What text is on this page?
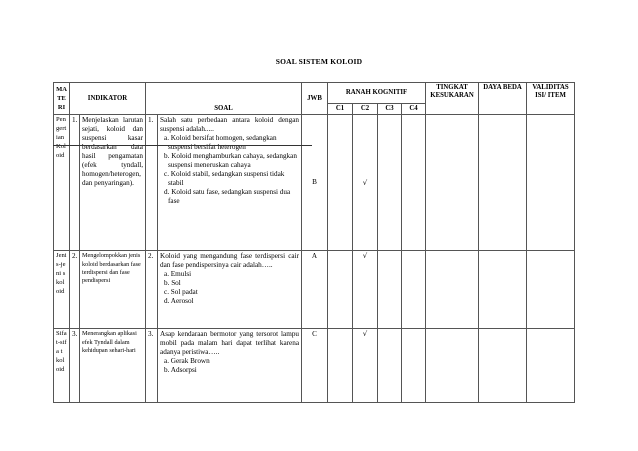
SOAL SISTEM KOLOID
MA TE RI	INDIKATOR		SOAL		JWB	RANAH KOGNITIF				TINGKAT KESUKARAN	DAYA BEDA	VALIDITAS ISI/ ITEM
						C1	C2	C3	C4			
Pen gert ian Kol oid	1.	Menjelaskan larutan sejati, koloid dan suspensi kasar berdasarkan data hasil pengamatan (efek tyndall, homogen/heterogen, dan penyaringan).	1.	Salah satu perbedaan antara koloid dengan suspensi adalah.....
a. Koloid bersifat homogen, sedangkan suspensi bersifat heterogen
b. Koloid menghamburkan cahaya, sedangkan suspensi meneruskan cahaya
c. Koloid stabil, sedangkan suspensi tidak stabil
d. Koloid satu fase, sedangkan suspensi dua fase	B		√					
Jeni s-jeni s kol oid	2.	Mengelompokkan jenis koloid berdasarkan fase terdispersi dan fase pendispersi	2.	Koloid yang mengandung fase terdispersi cair dan fase pendispersinya cair adalah…..
a. Emulsi
b. Sol
c. Sol padat
d. Aerosol	A		√					
Sifa t-sifa t kol oid	3.	Menerangkan aplikasi efek Tyndall dalam kehidupan sehari-hari	3.	Asap kendaraan bermotor yang tersorot lampu mobil pada malam hari dapat terlihat karena adanya peristiwa…..
a. Gerak Brown
b. Adsorpsi	C		√					
